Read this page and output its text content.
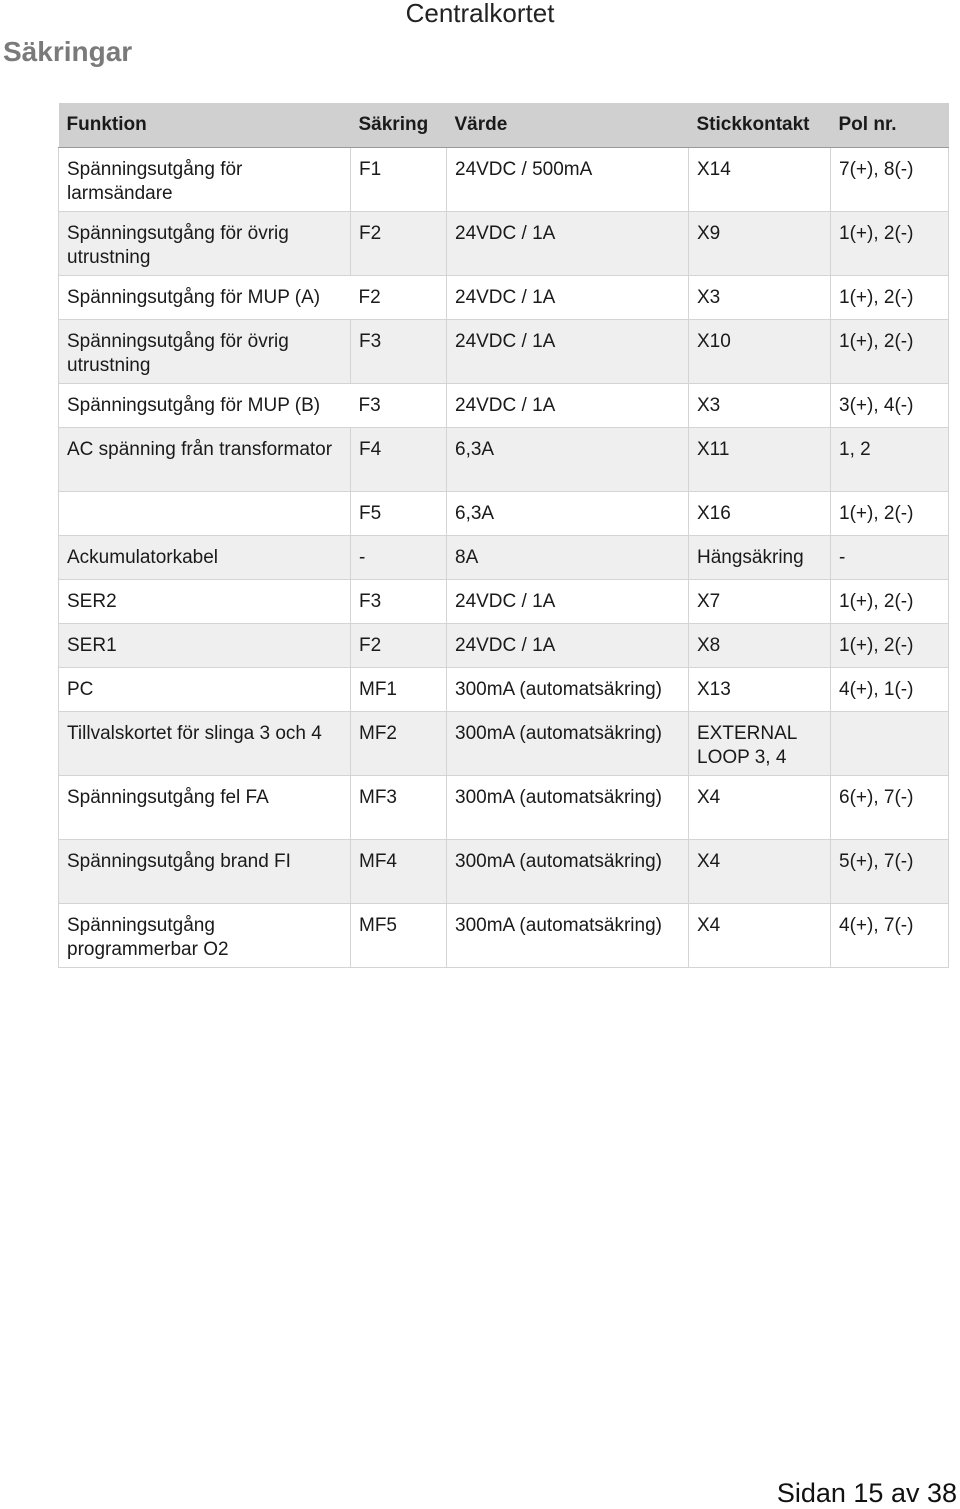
Centralkortet
Säkringar
Funktion	Säkring	Värde	Stickkontakt	Pol nr.
Spänningsutgång för larmsändare	F1	24VDC / 500mA	X14	7(+), 8(-)
Spänningsutgång för övrig utrustning	F2	24VDC / 1A	X9	1(+), 2(-)
Spänningsutgång för MUP (A)	F2	24VDC / 1A	X3	1(+), 2(-)
Spänningsutgång för övrig utrustning	F3	24VDC / 1A	X10	1(+), 2(-)
Spänningsutgång för MUP (B)	F3	24VDC / 1A	X3	3(+), 4(-)
AC spänning från transformator	F4	6,3A	X11	1, 2
	F5	6,3A	X16	1(+), 2(-)
Ackumulatorkabel	-	8A	Hängsäkring	-
SER2	F3	24VDC / 1A	X7	1(+), 2(-)
SER1	F2	24VDC / 1A	X8	1(+), 2(-)
PC	MF1	300mA (automatsäkring)	X13	4(+), 1(-)
Tillvalskortet för slinga 3 och 4	MF2	300mA (automatsäkring)	EXTERNAL LOOP 3, 4	
Spänningsutgång fel FA	MF3	300mA (automatsäkring)	X4	6(+), 7(-)
Spänningsutgång brand FI	MF4	300mA (automatsäkring)	X4	5(+), 7(-)
Spänningsutgång programmerbar O2	MF5	300mA (automatsäkring)	X4	4(+), 7(-)
Sidan 15 av 38
